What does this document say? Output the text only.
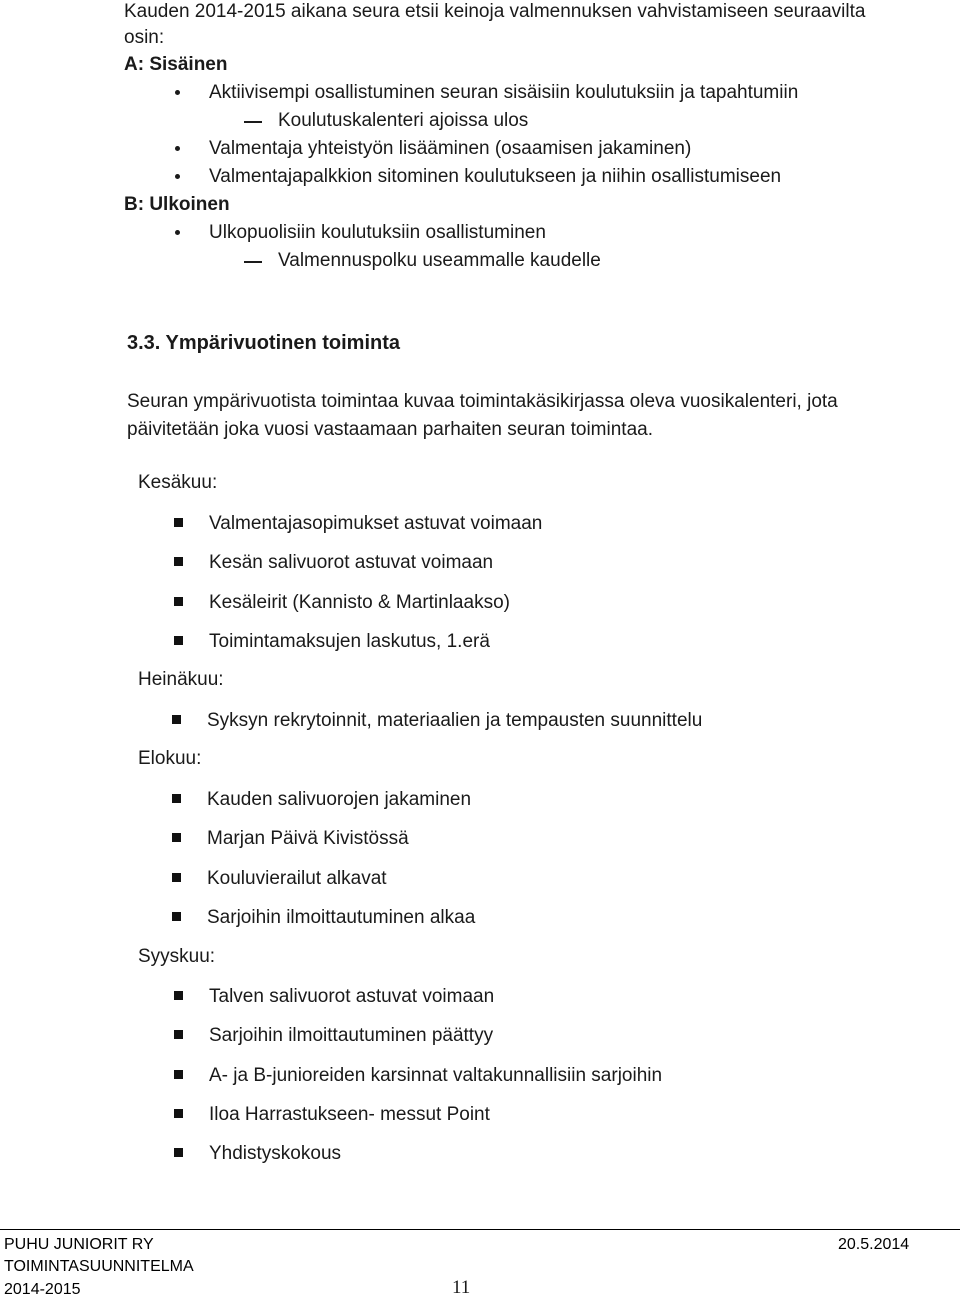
Kauden 2014-2015 aikana seura etsii keinoja valmennuksen vahvistamiseen seuraavilta
osin:
A: Sisäinen
Aktiivisempi osallistuminen seuran sisäisiin koulutuksiin ja tapahtumiin
Koulutuskalenteri ajoissa ulos
Valmentaja yhteistyön lisääminen (osaamisen jakaminen)
Valmentajapalkkion sitominen koulutukseen ja niihin osallistumiseen
B: Ulkoinen
Ulkopuolisiin koulutuksiin osallistuminen
Valmennuspolku useammalle kaudelle
3.3. Ympärivuotinen toiminta
Seuran ympärivuotista toimintaa kuvaa toimintakäsikirjassa oleva vuosikalenteri, jota
päivitetään joka vuosi vastaamaan parhaiten seuran toimintaa.
Kesäkuu:
Valmentajasopimukset astuvat voimaan
Kesän salivuorot astuvat voimaan
Kesäleirit (Kannisto & Martinlaakso)
Toimintamaksujen laskutus, 1.erä
Heinäkuu:
Syksyn rekrytoinnit, materiaalien ja tempausten suunnittelu
Elokuu:
Kauden salivuorojen jakaminen
Marjan Päivä Kivistössä
Kouluvierailut alkavat
Sarjoihin ilmoittautuminen alkaa
Syyskuu:
Talven salivuorot astuvat voimaan
Sarjoihin ilmoittautuminen päättyy
A- ja B-junioreiden karsinnat valtakunnallisiin sarjoihin
Iloa Harrastukseen- messut Point
Yhdistyskokous
PUHU JUNIORIT RY
TOIMINTASUUNNITELMA
2014-2015	11
20.5.2014
